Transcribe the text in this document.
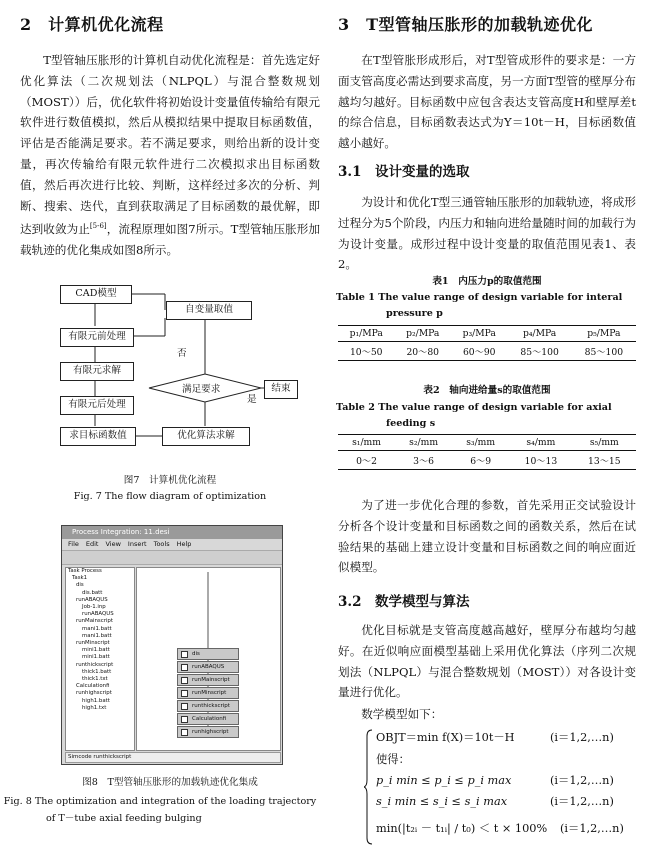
2　计算机优化流程

T型管轴压胀形的计算机自动优化流程是：首先选定好优化算法（二次规划法（NLPQL）与混合整数规划（MOST））后，优化软件将初始设计变量值传输给有限元软件进行数值模拟，然后从模拟结果中提取目标函数值，评估是否能满足要求。若不满足要求，则给出新的设计变量，再次传输给有限元软件进行二次模拟求出目标函数值，然后再次进行比较、判断，这样经过多次的分析、判断、搜索、迭代，直到获取满足了目标函数的最优解，即达到收敛为止[5-6]，流程原理如图7所示。T型管轴压胀形加载轨迹的优化集成如图8所示。

CAD模型
自变量取值
有限元前处理
否
有限元求解
满足要求
是
结束
有限元后处理
求目标函数值	优化算法求解
图7　计算机优化流程
Fig. 7 The flow diagram of optimization
Process Integration: 11.desi
File Edit View Insert Tools Help
Task Process
Task1
dis
dis.batt
runABAQUS
Job-1.inp
runABAQUS
runMainscript
mani1.batt
mani1.batt
runMinscript
mini1.batt
mini1.batt
runthickscript
thick1.batt
thick1.txt
Calculationfi
runhighscript
high1.batt
high1.txt
dis
runABAQUS
runMainscript
runMinscript
runthickscript
Calculationfi
runhighscript
Simcode runthickscript
图8　T型管轴压胀形的加载轨迹优化集成
Fig. 8 The optimization and integration of the loading trajectory
of T－tube axial feeding bulging
3　T型管轴压胀形的加载轨迹优化

在T型管胀形成形后，对T型管成形件的要求是：一方面支管高度必需达到要求高度，另一方面T型管的壁厚分布越均匀越好。目标函数中应包含表达支管高度H和壁厚差t的综合信息，目标函数表达式为Y＝10t－H，目标函数值越小越好。

3.1　设计变量的选取

为设计和优化T型三通管轴压胀形的加载轨迹，将成形过程分为5个阶段，内压力和轴向进给量随时间的加载行为为设计变量。成形过程中设计变量的取值范围见表1、表2。

表1　内压力p的取值范围
Table 1 The value range of design variable for interal
pressure p
p₁/MPa	p₂/MPa	p₃/MPa	p₄/MPa	p₅/MPa
10～50	20～80	60～90	85～100	85～100
表2　轴向进给量s的取值范围
Table 2 The value range of design variable for axial
feeding s
s₁/mm	s₂/mm	s₃/mm	s₄/mm	s₅/mm
0～2	3～6	6～9	10～13	13～15

为了进一步优化合理的参数，首先采用正交试验设计分析各个设计变量和目标函数之间的函数关系，然后在试验结果的基础上建立设计变量和目标函数之间的响应面近似模型。

3.2　数学模型与算法

优化目标就是支管高度越高越好，壁厚分布越均匀越好。在近似响应面模型基础上采用优化算法（序列二次规划法（NLPQL）与混合整数规划（MOST））对各设计变量进行优化。

数学模型如下：

OBJT＝min f(X)＝10t－H	(i＝1,2,…n)
使得：
p_i min ≤ p_i ≤ p_i max	(i＝1,2,…n)
s_i min ≤ s_i ≤ s_i max	(i＝1,2,…n)
min(|t₂ᵢ － t₁ᵢ| / t₀) ＜ t × 100% (i＝1,2,…n)
